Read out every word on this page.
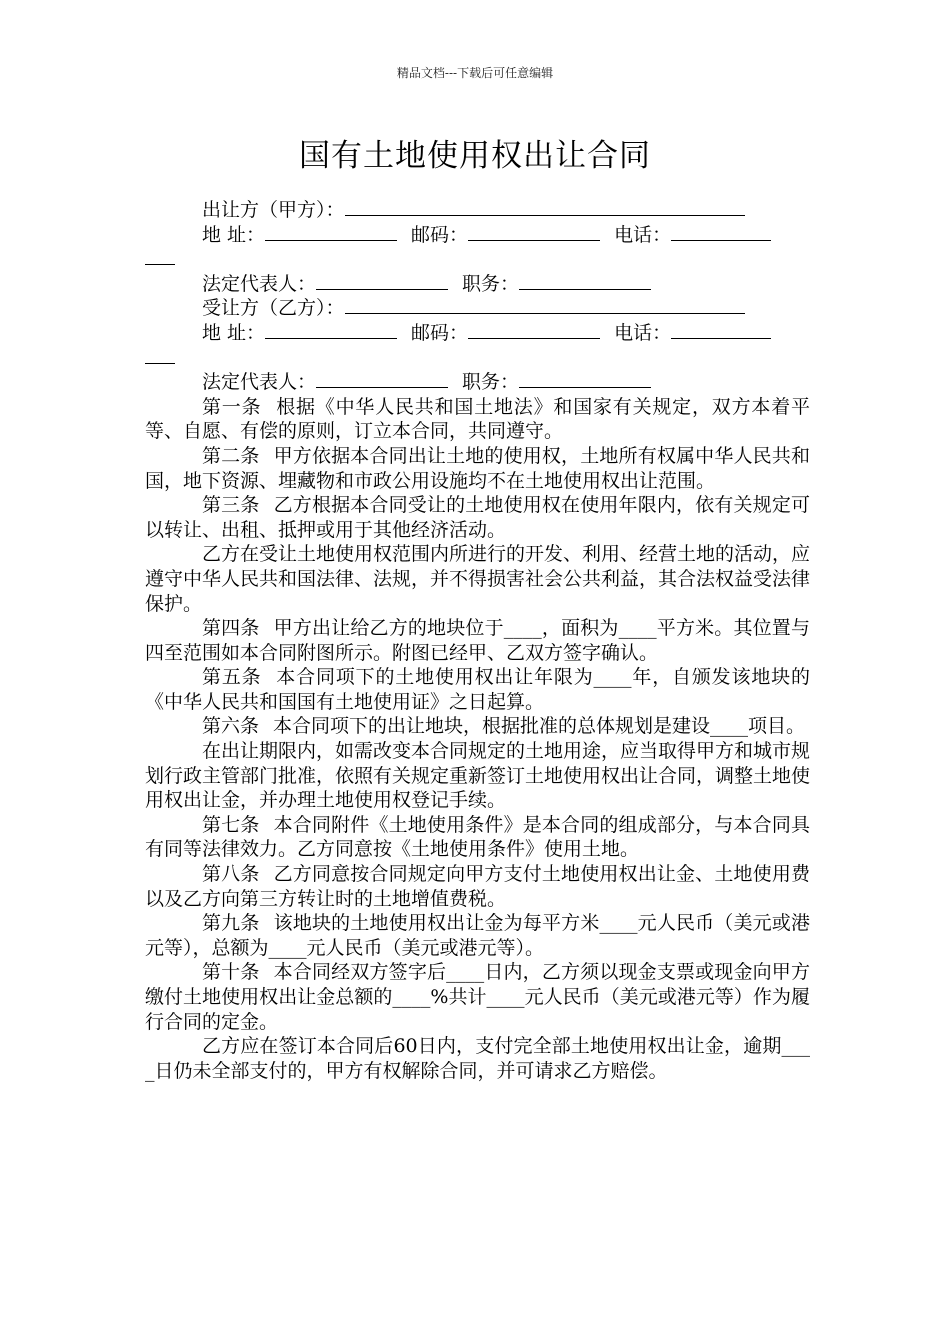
精品文档---下载后可任意编辑
国有土地使用权出让合同
出让方（甲方）：
地 址：	邮码：	电话：
法定代表人：	职务：
受让方（乙方）：
地 址：	邮码：	电话：
法定代表人：	职务：
第一条 根据《中华人民共和国土地法》和国家有关规定，双方本着平等、自愿、有偿的原则，订立本合同，共同遵守。
第二条 甲方依据本合同出让土地的使用权，土地所有权属中华人民共和国，地下资源、埋藏物和市政公用设施均不在土地使用权出让范围。
第三条 乙方根据本合同受让的土地使用权在使用年限内，依有关规定可以转让、出租、抵押或用于其他经济活动。
乙方在受让土地使用权范围内所进行的开发、利用、经营土地的活动，应遵守中华人民共和国法律、法规，并不得损害社会公共利益，其合法权益受法律保护。
第四条 甲方出让给乙方的地块位于____，面积为____平方米。其位置与四至范围如本合同附图所示。附图已经甲、乙双方签字确认。
第五条 本合同项下的土地使用权出让年限为____年，自颁发该地块的《中华人民共和国国有土地使用证》之日起算。
第六条 本合同项下的出让地块，根据批准的总体规划是建设____项目。
在出让期限内，如需改变本合同规定的土地用途，应当取得甲方和城市规划行政主管部门批准，依照有关规定重新签订土地使用权出让合同，调整土地使用权出让金，并办理土地使用权登记手续。
第七条 本合同附件《土地使用条件》是本合同的组成部分，与本合同具有同等法律效力。乙方同意按《土地使用条件》使用土地。
第八条 乙方同意按合同规定向甲方支付土地使用权出让金、土地使用费以及乙方向第三方转让时的土地增值费税。
第九条 该地块的土地使用权出让金为每平方米____元人民币（美元或港元等），总额为____元人民币（美元或港元等）。
第十条 本合同经双方签字后____日内，乙方须以现金支票或现金向甲方缴付土地使用权出让金总额的____%共计____元人民币（美元或港元等）作为履行合同的定金。
乙方应在签订本合同后60日内，支付完全部土地使用权出让金，逾期____日仍未全部支付的，甲方有权解除合同，并可请求乙方赔偿。
